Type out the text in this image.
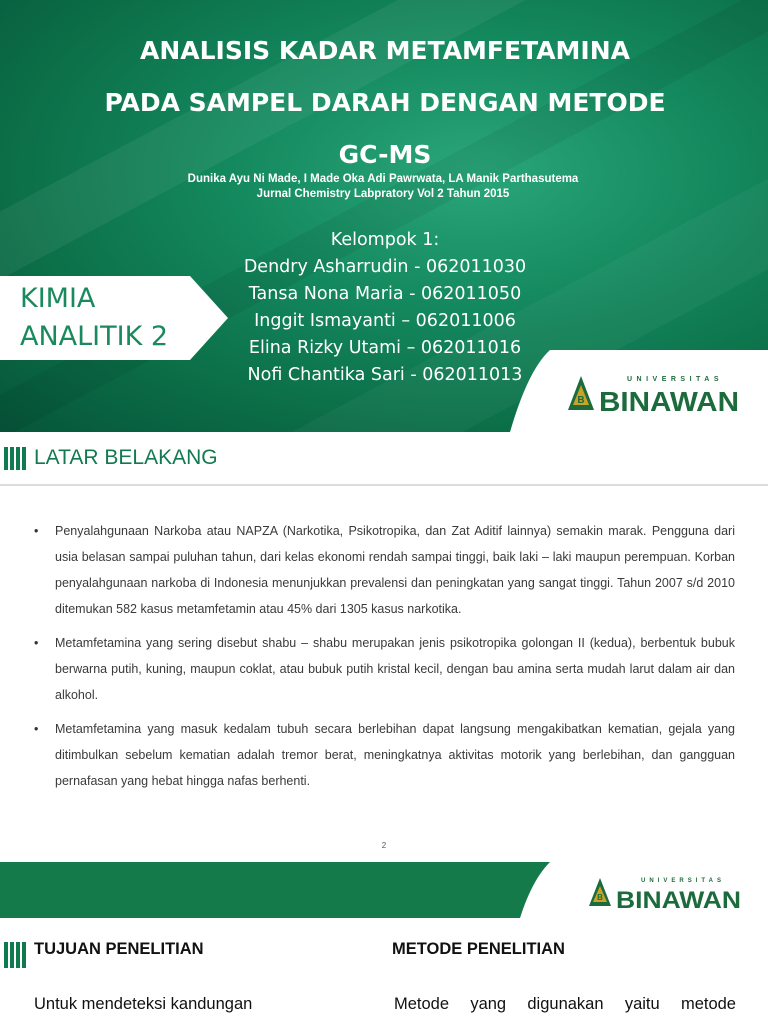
ANALISIS KADAR METAMFETAMINA
PADA SAMPEL DARAH DENGAN METODE
GC-MS
Dunika Ayu Ni Made, I Made Oka Adi Pawrwata, LA Manik Parthasutema
Jurnal Chemistry Labpratory Vol 2 Tahun 2015
Kelompok 1:
Dendry Asharrudin - 062011030
Tansa Nona Maria - 062011050
Inggit Ismayanti – 062011006
Elina Rizky Utami – 062011016
Nofi Chantika Sari - 062011013
KIMIA
ANALITIK 2
B
UNIVERSITAS
BINAWAN
LATAR BELAKANG
• Penyalahgunaan Narkoba atau NAPZA (Narkotika, Psikotropika, dan Zat Aditif lainnya) semakin marak. Pengguna dari usia belasan sampai puluhan tahun, dari kelas ekonomi rendah sampai tinggi, baik laki – laki maupun perempuan. Korban penyalahgunaan narkoba di Indonesia menunjukkan prevalensi dan peningkatan yang sangat tinggi. Tahun 2007 s/d 2010 ditemukan 582 kasus metamfetamin atau 45% dari 1305 kasus narkotika.
• Metamfetamina yang sering disebut shabu – shabu merupakan jenis psikotropika golongan II (kedua), berbentuk bubuk berwarna putih, kuning, maupun coklat, atau bubuk putih kristal kecil, dengan bau amina serta mudah larut dalam air dan alkohol.
• Metamfetamina yang masuk kedalam tubuh secara berlebihan dapat langsung mengakibatkan kematian, gejala yang ditimbulkan sebelum kematian adalah tremor berat, meningkatnya aktivitas motorik yang berlebihan, dan gangguan pernafasan yang hebat hingga nafas berhenti.
2
B
UNIVERSITAS
BINAWAN
TUJUAN PENELITIAN	METODE PENELITIAN
Untuk mendeteksi kandungan	Metode yang digunakan yaitu metode
